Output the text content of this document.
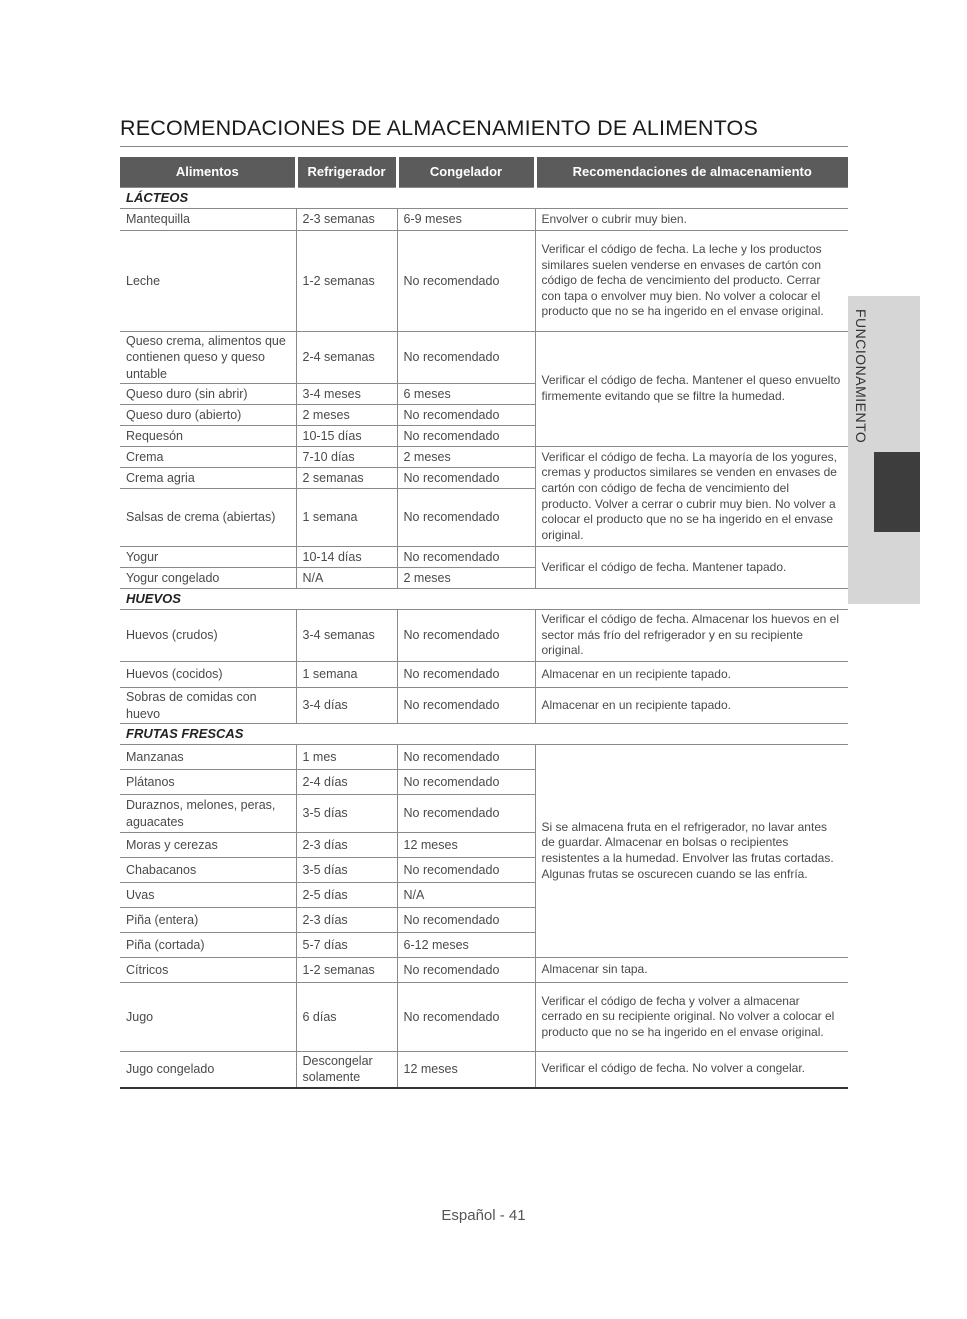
RECOMENDACIONES DE ALMACENAMIENTO DE ALIMENTOS
Alimentos	Refrigerador	Congelador	Recomendaciones de almacenamiento
LÁCTEOS			
Mantequilla	2-3 semanas	6-9 meses	Envolver o cubrir muy bien.
Leche	1-2 semanas	No recomendado	Verificar el código de fecha. La leche y los productos similares suelen venderse en envases de cartón con código de fecha de vencimiento del producto. Cerrar con tapa o envolver muy bien. No volver a colocar el producto que no se ha ingerido en el envase original.
Queso crema, alimentos que contienen queso y queso untable	2-4 semanas	No recomendado	Verificar el código de fecha. Mantener el queso envuelto firmemente evitando que se filtre la humedad.
Queso duro (sin abrir)	3-4 meses	6 meses	
Queso duro (abierto)	2 meses	No recomendado	
Requesón	10-15 días	No recomendado	
Crema	7-10 días	2 meses	Verificar el código de fecha. La mayoría de los yogures, cremas y productos similares se venden en envases de cartón con código de fecha de vencimiento del producto. Volver a cerrar o cubrir muy bien. No volver a colocar el producto que no se ha ingerido en el envase original.
Crema agria	2 semanas	No recomendado	
Salsas de crema (abiertas)	1 semana	No recomendado	
Yogur	10-14 días	No recomendado	Verificar el código de fecha. Mantener tapado.
Yogur congelado	N/A	2 meses	
HUEVOS			
Huevos (crudos)	3-4 semanas	No recomendado	Verificar el código de fecha. Almacenar los huevos en el sector más frío del refrigerador y en su recipiente original.
Huevos (cocidos)	1 semana	No recomendado	Almacenar en un recipiente tapado.
Sobras de comidas con huevo	3-4 días	No recomendado	Almacenar en un recipiente tapado.
FRUTAS FRESCAS			
Manzanas	1 mes	No recomendado	Si se almacena fruta en el refrigerador, no lavar antes de guardar. Almacenar en bolsas o recipientes resistentes a la humedad. Envolver las frutas cortadas. Algunas frutas se oscurecen cuando se las enfría.
Plátanos	2-4 días	No recomendado	
Duraznos, melones, peras, aguacates	3-5 días	No recomendado	
Moras y cerezas	2-3 días	12 meses	
Chabacanos	3-5 días	No recomendado	
Uvas	2-5 días	N/A	
Piña (entera)	2-3 días	No recomendado	
Piña (cortada)	5-7 días	6-12 meses	
Cítricos	1-2 semanas	No recomendado	Almacenar sin tapa.
Jugo	6 días	No recomendado	Verificar el código de fecha y volver a almacenar cerrado en su recipiente original. No volver a colocar el producto que no se ha ingerido en el envase original.
Jugo congelado	Descongelar solamente	12 meses	Verificar el código de fecha. No volver a congelar.
FUNCIONAMIENTO
Español - 41
